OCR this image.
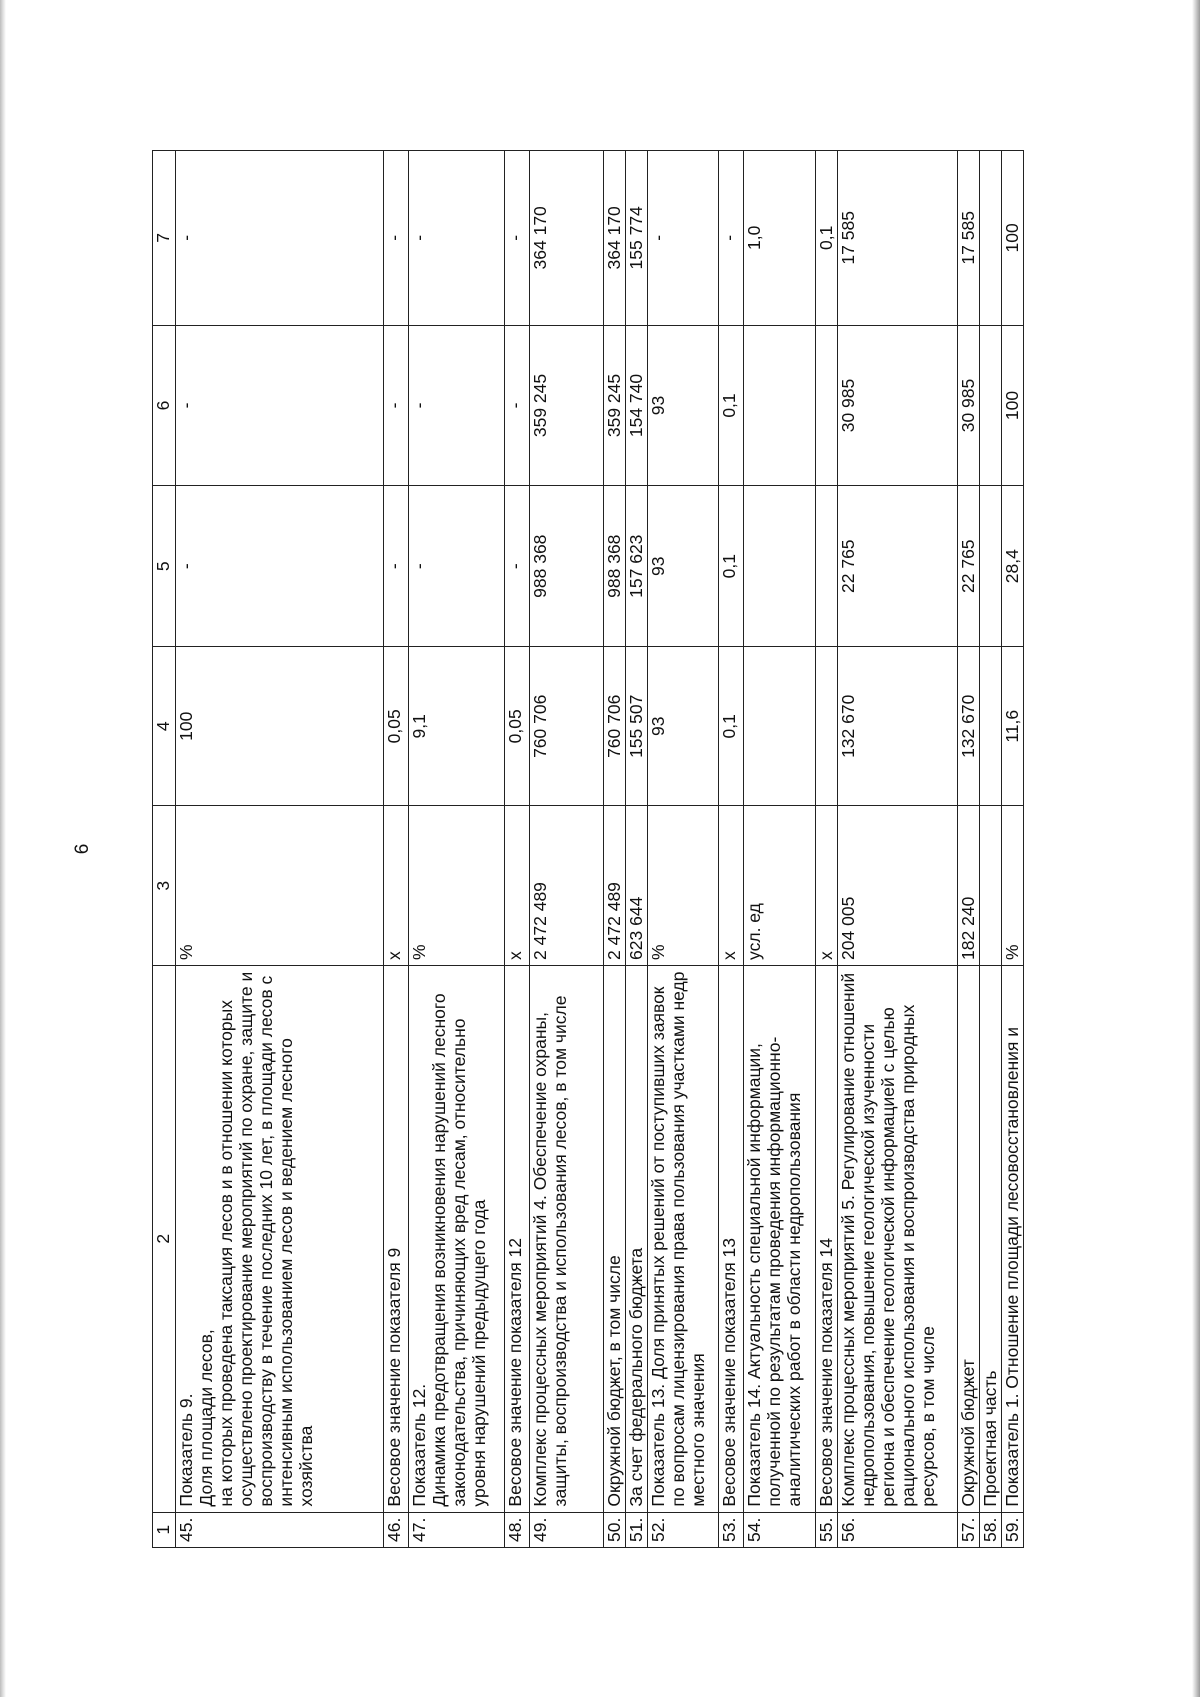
6
1	2	3	4	5	6	7
45.	Показатель 9.
Доля площади лесов,
на которых проведена таксация лесов и в отношении которых осуществлено проектирование мероприятий по охране, защите и воспроизводству в течение последних 10 лет, в площади лесов с интенсивным использованием лесов и ведением лесного хозяйства	%	100	-	-	-
46.	Весовое значение показателя 9	x	0,05	-	-	-
47.	Показатель 12.
Динамика предотвращения возникновения нарушений лесного законодательства, причиняющих вред лесам, относительно уровня нарушений предыдущего года	%	9,1	-	-	-
48.	Весовое значение показателя 12	x	0,05	-	-	-
49.	Комплекс процессных мероприятий 4. Обеспечение охраны, защиты, воспроизводства и использования лесов, в том числе	2 472 489	760 706	988 368	359 245	364 170
50.	Окружной бюджет, в том числе	2 472 489	760 706	988 368	359 245	364 170
51.	За счет федерального бюджета	623 644	155 507	157 623	154 740	155 774
52.	Показатель 13. Доля принятых решений от поступивших заявок по вопросам лицензирования права пользования участками недр местного значения	%	93	93	93	-
53.	Весовое значение показателя 13	x	0,1	0,1	0,1	-
54.	Показатель 14. Актуальность специальной информации, полученной по результатам проведения информационно-аналитических работ в области недропользования	усл. ед				1,0
55.	Весовое значение показателя 14	x				0,1
56.	Комплекс процессных мероприятий 5. Регулирование отношений недропользования, повышение геологической изученности региона и обеспечение геологической информацией с целью рационального использования и воспроизводства природных ресурсов, в том числе	204 005	132 670	22 765	30 985	17 585
57.	Окружной бюджет	182 240	132 670	22 765	30 985	17 585
58.	Проектная часть					
59.	Показатель 1. Отношение площади лесовосстановления и	%	11,6	28,4	100	100
